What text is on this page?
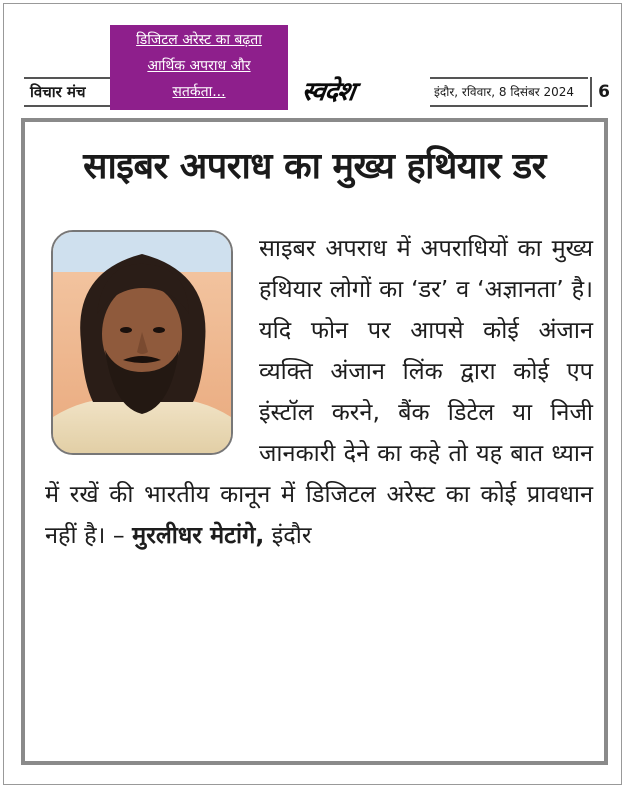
विचार मंच
डिजिटल अरेस्ट का बढ़ता आर्थिक अपराध और सतर्कता...	स्वदेश	इंदौर, रविवार, 8 दिसंबर 2024	6
साइबर अपराध का मुख्य हथियार डर
साइबर अपराध में अपराधियों का मुख्य हथियार लोगों का ‘डर’ व ‘अज्ञानता’ है। यदि फोन पर आपसे कोई अंजान व्यक्ति अंजान लिंक द्वारा कोई एप इंस्टॉल करने, बैंक डिटेल या निजी जानकारी देने का कहे तो यह बात ध्यान में रखें की भारतीय कानून में डिजिटल अरेस्ट का कोई प्रावधान नहीं है। – मुरलीधर मेटांगे, इंदौर
